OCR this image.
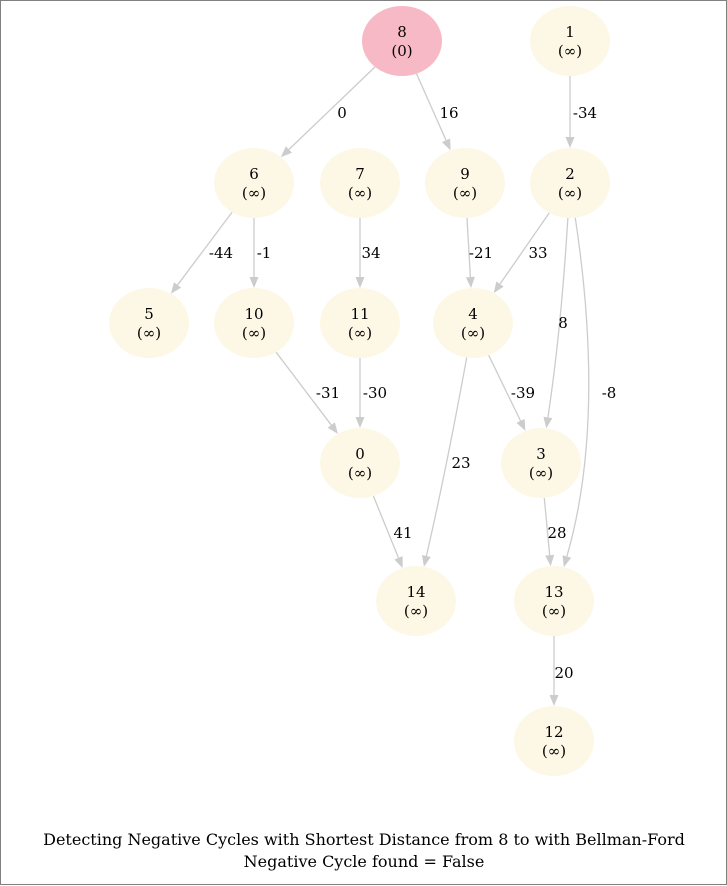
0	16	-34
-44 -1	34	-21 33
8
-8
-31 -30	-39
23
41	28
20
8
(0)
1
(∞)
6
(∞)
7
(∞)
9
(∞)
2
(∞)
5
(∞)
10
(∞)
11
(∞)
4
(∞)
0
(∞)
3
(∞)
14
(∞)
13
(∞)
12
(∞)
Detecting Negative Cycles with Shortest Distance from 8 to with Bellman-Ford
Negative Cycle found = False
